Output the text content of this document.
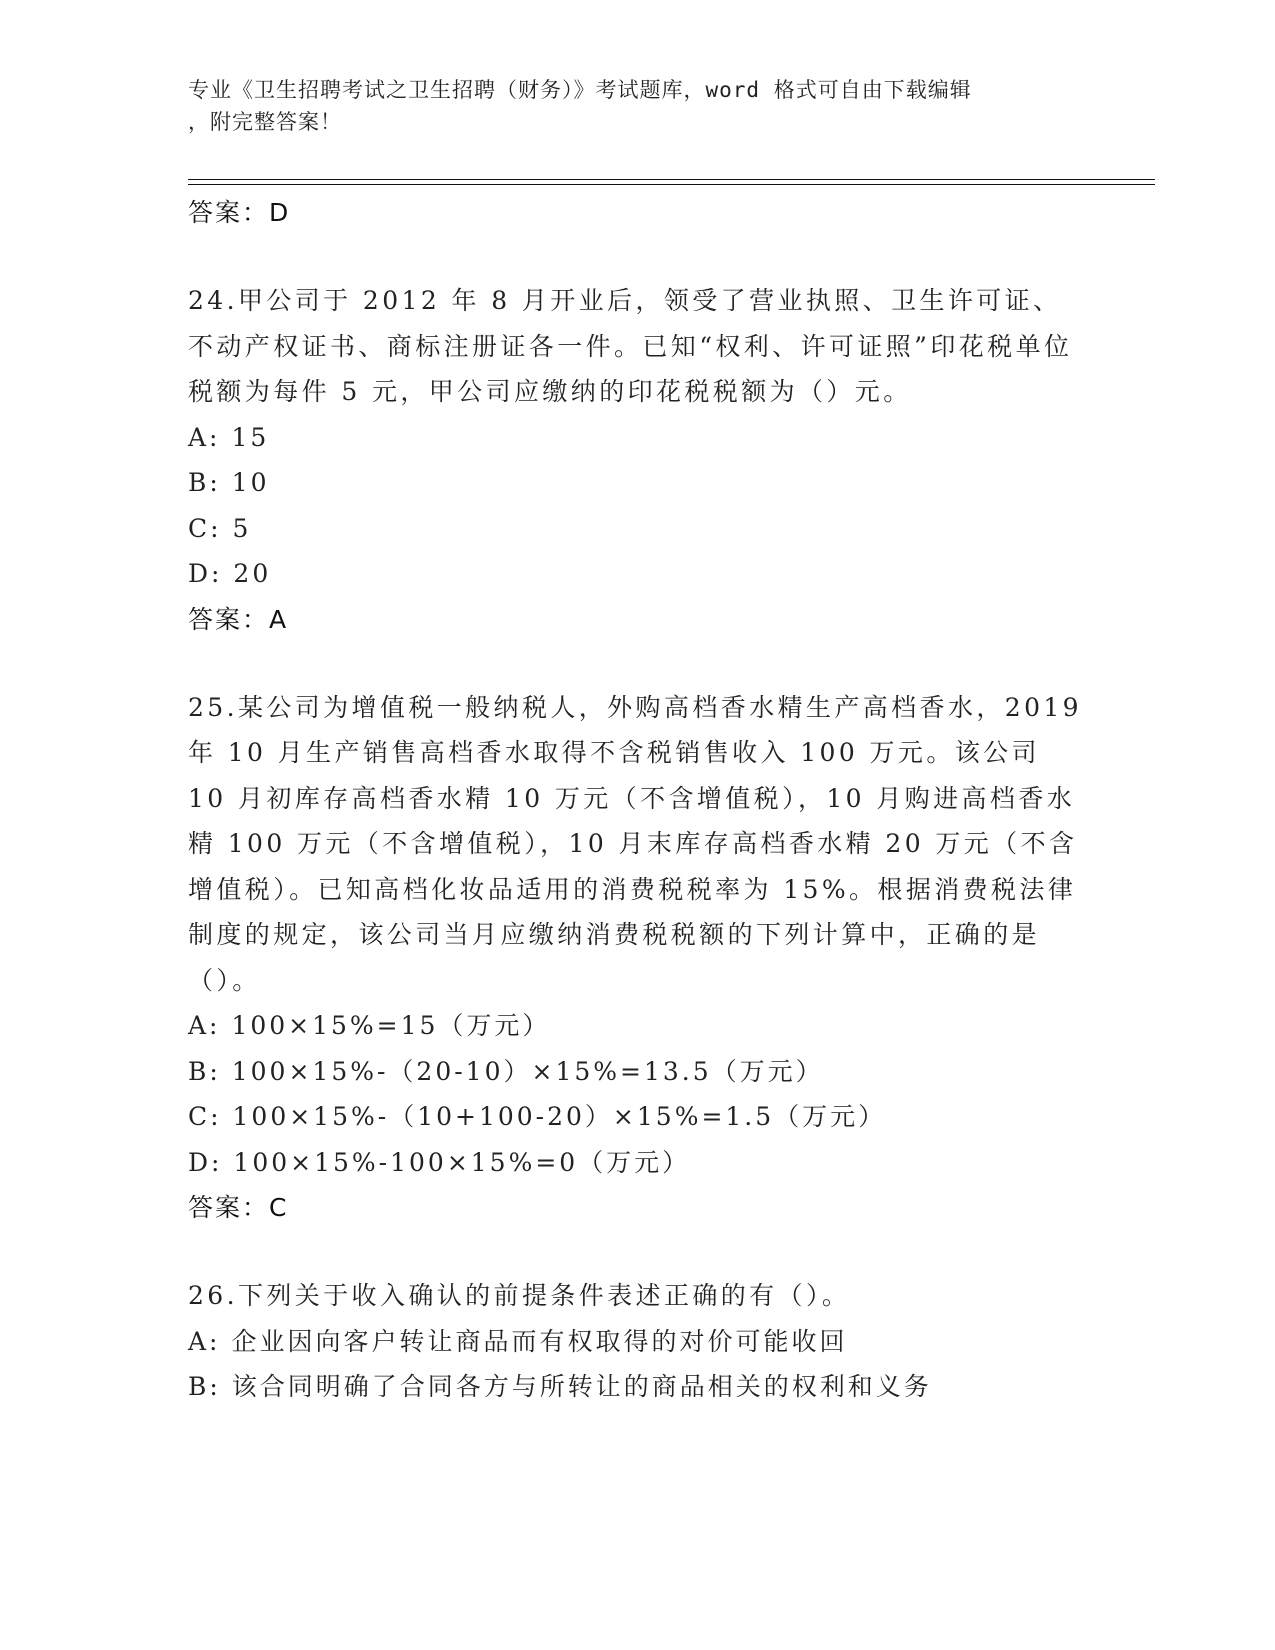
专业《卫生招聘考试之卫生招聘（财务）》考试题库，word 格式可自由下载编辑
，附完整答案！
答案：D

24.甲公司于 2012 年 8 月开业后，领受了营业执照、卫生许可证、不动产权证书、商标注册证各一件。已知“权利、许可证照”印花税单位税额为每件 5 元，甲公司应缴纳的印花税税额为（）元。

A: 15
B: 10
C: 5
D: 20
答案：A

25.某公司为增值税一般纳税人，外购高档香水精生产高档香水，2019 年 10 月生产销售高档香水取得不含税销售收入 100 万元。该公司 10 月初库存高档香水精 10 万元（不含增值税），10 月购进高档香水精 100 万元（不含增值税），10 月末库存高档香水精 20 万元（不含增值税）。已知高档化妆品适用的消费税税率为 15%。根据消费税法律制度的规定，该公司当月应缴纳消费税税额的下列计算中，正确的是（）。

A: 100×15%=15（万元）
B: 100×15%-（20-10）×15%=13.5（万元）
C: 100×15%-（10+100-20）×15%=1.5（万元）
D: 100×15%-100×15%=0（万元）
答案：C

26.下列关于收入确认的前提条件表述正确的有（）。

A: 企业因向客户转让商品而有权取得的对价可能收回
B: 该合同明确了合同各方与所转让的商品相关的权利和义务
